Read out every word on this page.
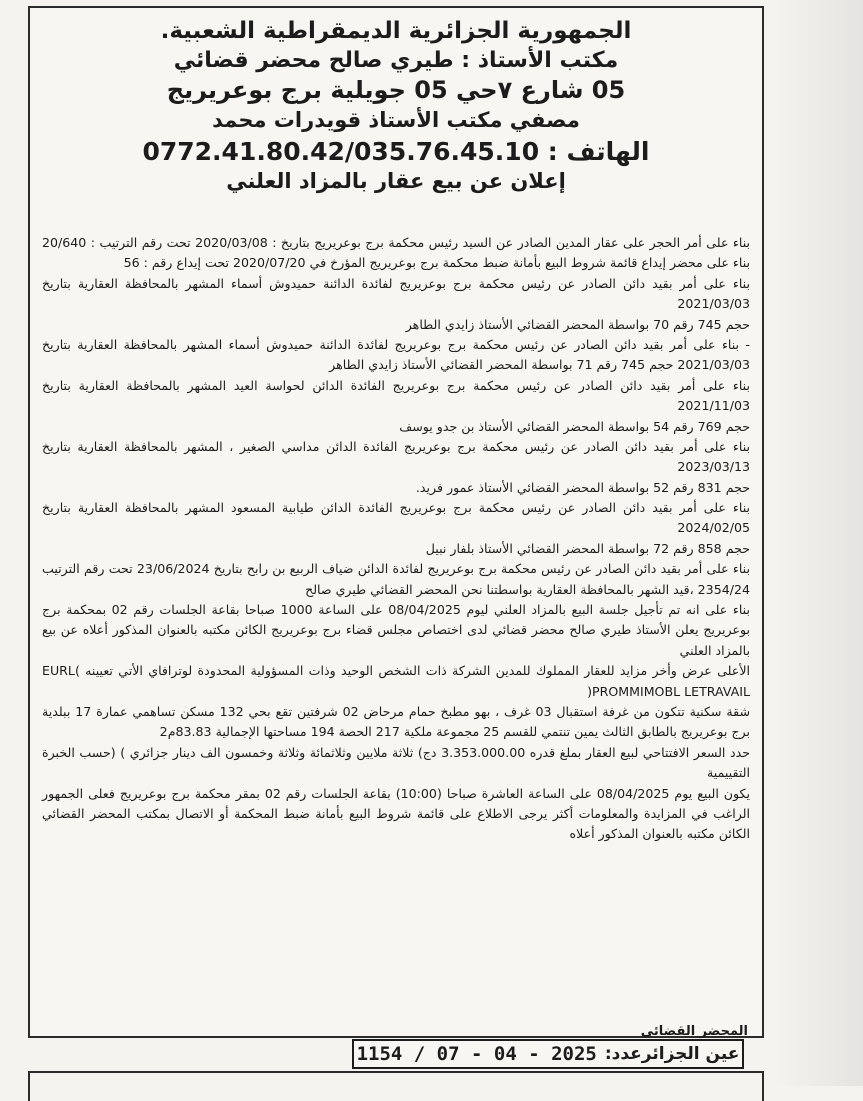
الجمهورية الجزائرية الديمقراطية الشعبية.
مكتب الأستاذ : طيري صالح محضر قضائي
05 شارع ٧حي 05 جويلية برج بوعريريج
مصفي مكتب الأستاذ قويدرات محمد
الهاتف : 0772.41.80.42/035.76.45.10
إعلان عن بيع عقار بالمزاد العلني
بناء على أمر الحجر على عقار المدين الصادر عن السيد رئيس محكمة برج بوعريريج بتاريخ : 2020/03/08 تحت رقم الترتيب : 20/640 بناء على محضر إيداع قائمة شروط البيع بأمانة ضبط محكمة برج بوعريريج المؤرخ في 2020/07/20 تحت إيداع رقم : 56
بناء على أمر بقيد دائن الصادر عن رئيس محكمة برج بوعريريج لفائدة الدائنة حميدوش أسماء المشهر بالمحافظة العقارية بتاريخ 2021/03/03
حجم 745 رقم 70 بواسطة المحضر القضائي الأستاذ زايدي الطاهر
- بناء على أمر بقيد دائن الصادر عن رئيس محكمة برج بوعريريج لفائدة الدائنة حميدوش أسماء المشهر بالمحافظة العقارية بتاريخ 2021/03/03 حجم 745 رقم 71 بواسطة المحضر القضائي الأستاذ زايدي الطاهر
بناء على أمر بقيد دائن الصادر عن رئيس محكمة برج بوعريريج الفائدة الدائن لحواسة العيد المشهر بالمحافظة العقارية بتاريخ 2021/11/03
حجم 769 رقم 54 بواسطة المحضر القضائي الأستاذ بن جدو يوسف
بناء على أمر بقيد دائن الصادر عن رئيس محكمة برج بوعريريج الفائدة الدائن مداسي الصغير ، المشهر بالمحافظة العقارية بتاريخ 2023/03/13
حجم 831 رقم 52 بواسطة المحضر القضائي الأستاذ عمور فريد.
بناء على أمر بقيد دائن الصادر عن رئيس محكمة برج بوعريريج الفائدة الدائن طيابية المسعود المشهر بالمحافظة العقارية بتاريخ 2024/02/05
حجم 858 رقم 72 بواسطة المحضر القضائي الأستاذ بلفار نبيل
بناء على أمر بقيد دائن الصادر عن رئيس محكمة برج بوعريريج لفائدة الدائن ضياف الربيع بن رابح بتاريخ 23/06/2024 تحت رقم الترتيب 2354/24 ،قيد الشهر بالمحافظة العقارية بواسطتنا نحن المحضر القضائي طيري صالح
بناء على انه تم تأجيل جلسة البيع بالمزاد العلني ليوم 08/04/2025 على الساعة 1000 صباحا بقاعة الجلسات رقم 02 بمحكمة برج بوعريريج يعلن الأستاذ طيري صالح محضر قضائي لدى اختصاص مجلس قضاء برج بوعريريج الكائن مكتبه بالعنوان المذكور أعلاه عن بيع بالمزاد العلني
الأعلى عرض وأخر مزايد للعقار المملوك للمدين الشركة ذات الشخص الوحيد وذات المسؤولية المحدودة لوترافاي الأتي تعيينه )EURL PROMMIMOBL LETRAVAIL(
شقة سكنية تتكون من غرفة استقبال 03 غرف ، بهو مطبخ حمام مرحاض 02 شرفتين تقع بحي 132 مسكن تساهمي عمارة 17 ببلدية برج بوعريريج بالطابق الثالث يمين تنتمي للقسم 25 مجموعة ملكية 217 الحصة 194 مساحتها الإجمالية 83.83م2
حدد السعر الافتتاحي لبيع العقار بملغ قدره 3.353.000.00 دج) ثلاثة ملايين وثلاثمائة وثلاثة وخمسون الف دينار جزائري ) (حسب الخبرة التقييمية
يكون البيع يوم 08/04/2025 على الساعة العاشرة صباحا (10:00) بقاعة الجلسات رقم 02 بمقر محكمة برج بوعريريج فعلى الجمهور الراغب في المزايدة والمعلومات أكثر يرجى الاطلاع على قائمة شروط البيع بأمانة ضبط المحكمة أو الاتصال بمكتب المحضر القضائي الكائن مكتبه بالعنوان المذكور أعلاه
المحضر القضائي
عين الجزائرعدد:
1154 / 07 - 04 - 2025
